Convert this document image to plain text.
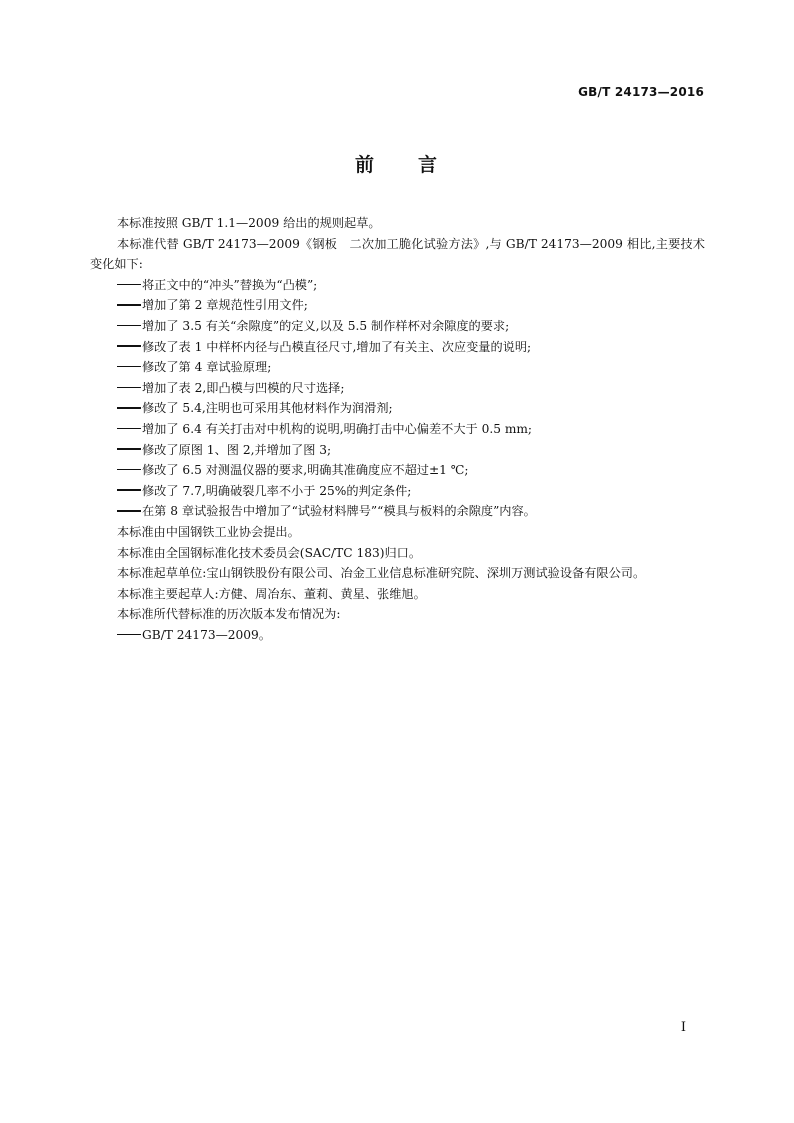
GB/T 24173—2016
前 言

本标准按照 GB/T 1.1—2009 给出的规则起草。

本标准代替 GB/T 24173—2009《钢板　二次加工脆化试验方法》,与 GB/T 24173—2009 相比,主要技术变化如下:

将正文中的“冲头”替换为“凸模”;
增加了第 2 章规范性引用文件;
增加了 3.5 有关“余隙度”的定义,以及 5.5 制作样杯对余隙度的要求;
修改了表 1 中样杯内径与凸模直径尺寸,增加了有关主、次应变量的说明;
修改了第 4 章试验原理;
增加了表 2,即凸模与凹模的尺寸选择;
修改了 5.4,注明也可采用其他材料作为润滑剂;
增加了 6.4 有关打击对中机构的说明,明确打击中心偏差不大于 0.5 mm;
修改了原图 1、图 2,并增加了图 3;
修改了 6.5 对测温仪器的要求,明确其准确度应不超过±1 ℃;
修改了 7.7,明确破裂几率不小于 25%的判定条件;
在第 8 章试验报告中增加了“试验材料牌号”“模具与板料的余隙度”内容。

本标准由中国钢铁工业协会提出。

本标准由全国钢标准化技术委员会(SAC/TC 183)归口。

本标准起草单位:宝山钢铁股份有限公司、冶金工业信息标准研究院、深圳万测试验设备有限公司。

本标准主要起草人:方健、周冶东、董莉、黄星、张维旭。

本标准所代替标准的历次版本发布情况为:

GB/T 24173—2009。
I
